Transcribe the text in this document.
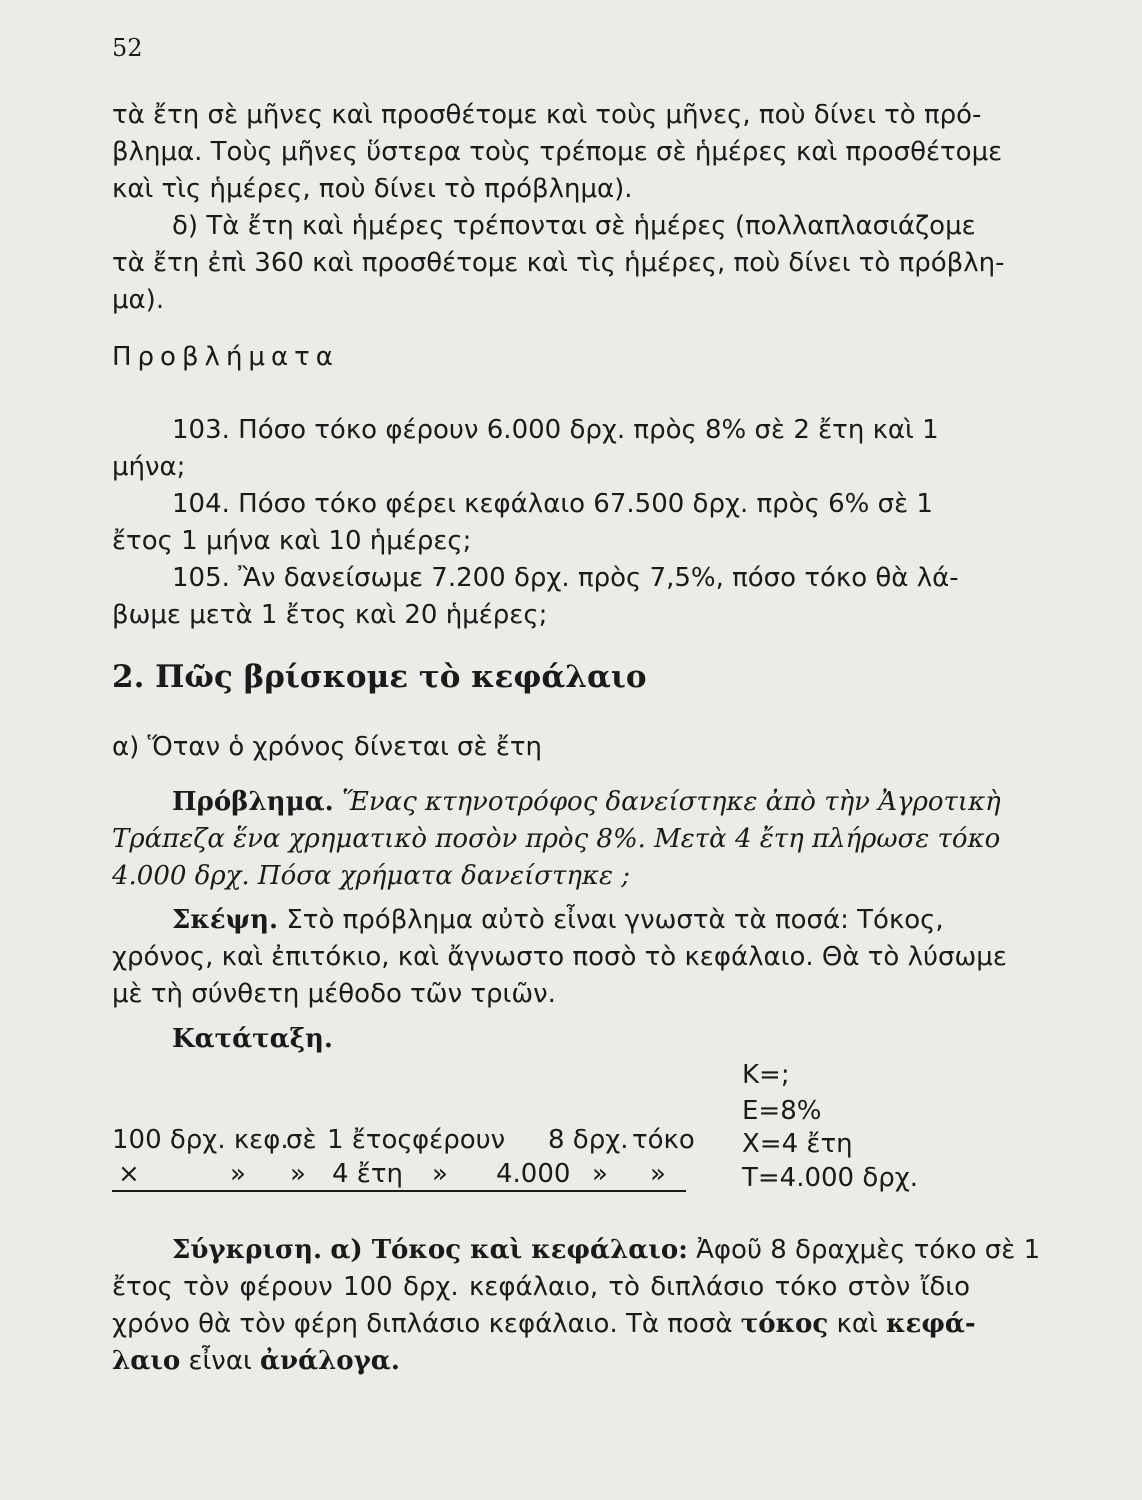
52
τὰ ἔτη σὲ μῆνες καὶ προσθέτομε καὶ τοὺς μῆνες, ποὺ δίνει τὸ πρό-
βλημα. Τοὺς μῆνες ὕστερα τοὺς τρέπομε σὲ ἡμέρες καὶ προσθέτομε
καὶ τὶς ἡμέρες, ποὺ δίνει τὸ πρόβλημα).
δ) Τὰ ἔτη καὶ ἡμέρες τρέπονται σὲ ἡμέρες (πολλαπλασιάζομε
τὰ ἔτη ἐπὶ 360 καὶ προσθέτομε καὶ τὶς ἡμέρες, ποὺ δίνει τὸ πρόβλη-
μα).
Προβλήματα
103. Πόσο τόκο φέρουν 6.000 δρχ. πρὸς 8% σὲ 2 ἔτη καὶ 1
μήνα;
104. Πόσο τόκο φέρει κεφάλαιο 67.500 δρχ. πρὸς 6% σὲ 1
ἔτος 1 μήνα καὶ 10 ἡμέρες;
105. Ἂν δανείσωμε 7.200 δρχ. πρὸς 7,5%, πόσο τόκο θὰ λά-
βωμε μετὰ 1 ἔτος καὶ 20 ἡμέρες;
2. Πῶς βρίσκομε τὸ κεφάλαιο
α) Ὅταν ὁ χρόνος δίνεται σὲ ἔτη
Πρόβλημα. Ἕνας κτηνοτρόφος δανείστηκε ἀπὸ τὴν Ἀγροτικὴ
Τράπεζα ἕνα χρηματικὸ ποσὸν πρὸς 8%. Μετὰ 4 ἔτη πλήρωσε τόκο
4.000 δρχ. Πόσα χρήματα δανείστηκε ;
Σκέψη. Στὸ πρόβλημα αὐτὸ εἶναι γνωστὰ τὰ ποσά: Τόκος,
χρόνος, καὶ ἐπιτόκιο, καὶ ἄγνωστο ποσὸ τὸ κεφάλαιο. Θὰ τὸ λύσωμε
μὲ τὴ σύνθετη μέθοδο τῶν τριῶν.
Κατάταξη.
Κ=;
Ε=8%
Χ=4 ἔτη
Τ=4.000 δρχ.
100 δρχ. κεφ.
σὲ 1 ἔτος φέρουν 8 δρχ. τόκο
×	» » 4 ἔτη » 4.000 » »
Σύγκριση. α) Τόκος καὶ κεφάλαιο: Ἀφοῦ 8 δραχμὲς τόκο σὲ 1
ἔτος τὸν φέρουν 100 δρχ. κεφάλαιο, τὸ διπλάσιο τόκο στὸν ἴδιο
χρόνο θὰ τὸν φέρη διπλάσιο κεφάλαιο. Τὰ ποσὰ τόκος καὶ κεφά-
λαιο εἶναι ἀνάλογα.
